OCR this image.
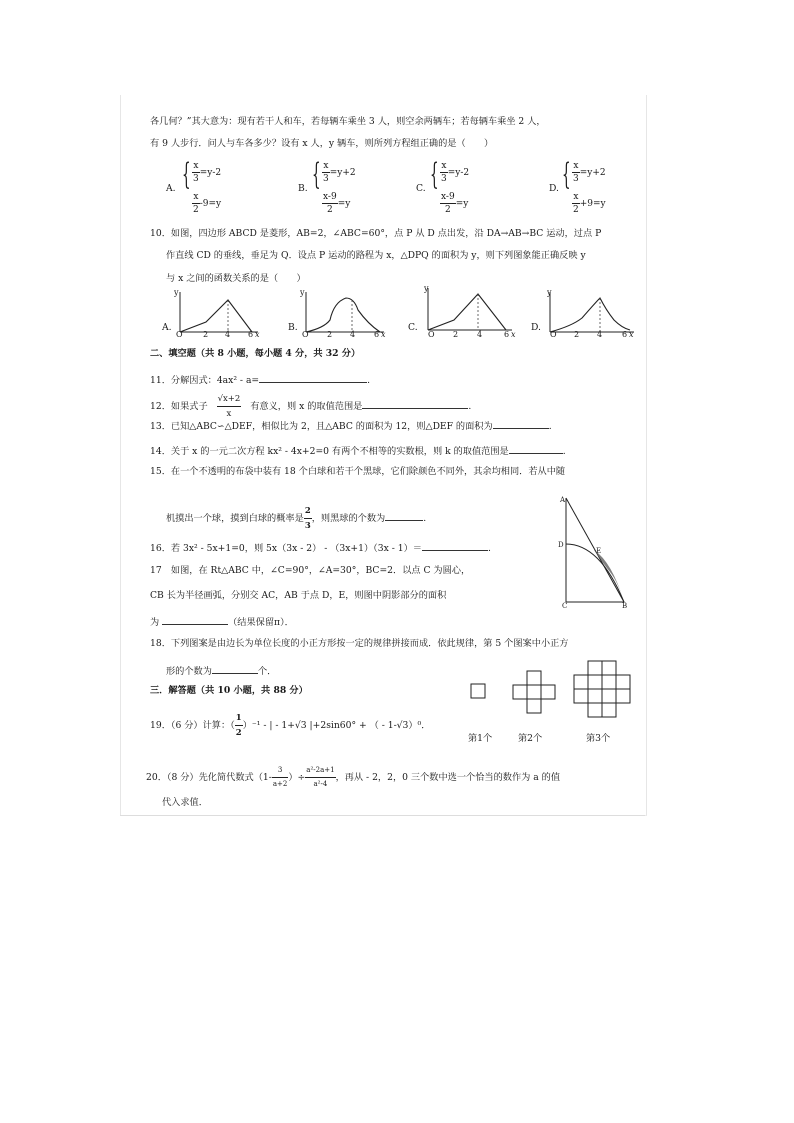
各几何？”其大意为：现有若干人和车，若每辆车乘坐 3 人，则空余两辆车；若每辆车乘坐 2 人，
有 9 人步行．问人与车各多少？设有 x 人，y 辆车，则所列方程组正确的是（　　）
A. { $\frac{x}{3} =y-2$
$\frac{x}{2} -9=y$
B. { $\frac{x}{3} =y+2$
$\frac{x-9}{2} =y$
C. { $\frac{x}{3} =y-2$
$\frac{x-9}{2} =y$
D. { $\frac{x}{3} =y+2$
$\frac{x}{2} +9=y$
10．如图，四边形 ABCD 是菱形，AB=2，∠ABC=60°，点 P 从 D 点出发，沿 DA→AB→BC 运动，过点 P
作直线 CD 的垂线，垂足为 Q．设点 P 运动的路程为 x，△DPQ 的面积为 y，则下列图象能正确反映 y
与 x 之间的函数关系的是（　　）
A.
y
O	2 4 6 x
B.
y
O 2 4 6 x
C.
y
O 2 4	6 x
D.
y
O 2 4 6 x
二、填空题（共 8 小题，每小题 4 分，共 32 分）
11．分解因式：4ax² - a=	.
12．如果式子 $\frac{√x+2}{x}$ 有意义，则 x 的取值范围是	.
13．已知△ABC∽△DEF，相似比为 2，且△ABC 的面积为 12，则△DEF 的面积为	.
14．关于 x 的一元二次方程 kx² - 4x+2=0 有两个不相等的实数根，则 k 的取值范围是	.
15．在一个不透明的布袋中装有 18 个白球和若干个黑球，它们除颜色不同外，其余均相同．若从中随
机摸出一个球，摸到白球的概率是 $\frac{2}{3}$ ，则黑球的个数为	.
16．若 3x² - 5x+1=0，则 5x（3x - 2） - （3x+1）（3x - 1）＝	.
17　如图，在 Rt△ABC 中，∠C=90°，∠A=30°，BC=2．以点 C 为圆心，
CB 长为半径画弧，分别交 AC，AB 于点 D，E，则图中阴影部分的面积
为	（结果保留π）．
A
D
E
C	B
18．下列图案是由边长为单位长度的小正方形按一定的规律拼接而成．依此规律，第 5 个图案中小正方
形的个数为	个．
三．解答题（共 10 小题，共 88 分）
第1个	第2个	第3个
19．（6 分）计算：（ $\frac{1}{2} )^{-1}$ - | - 1+√3 |+2sin60° + （ - 1-√3）⁰．
20．（8 分）先化简代数式（$1- \frac{3}{a+2}$ ）÷ $\frac{\text{a²-2a+1}}{\text{a²-4}}$ ，再从 - 2，2，0 三个数中选一个恰当的数作为 a 的值
代入求值．
